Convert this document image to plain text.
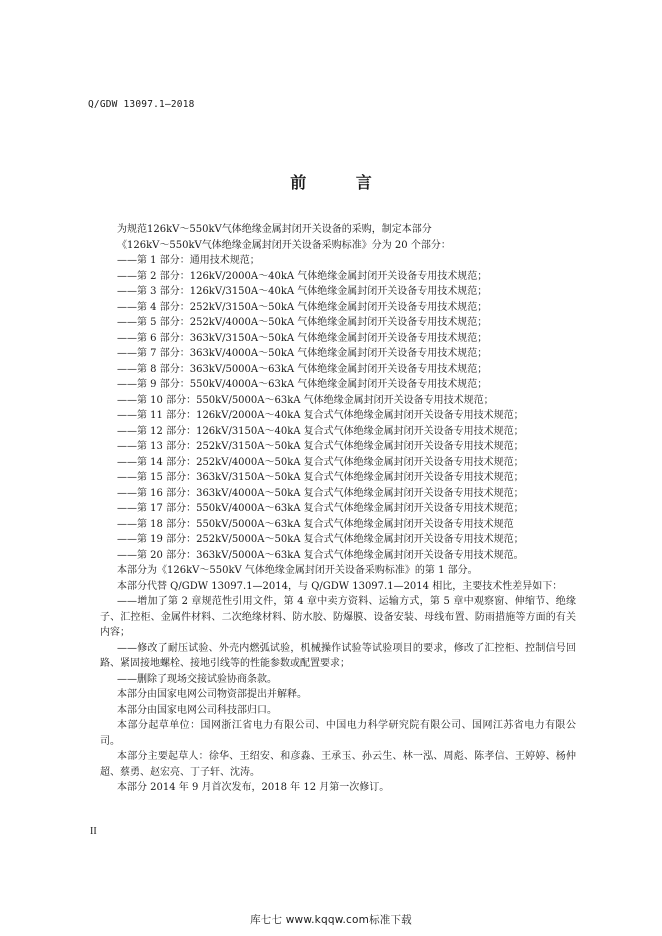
Q/GDW 13097.1—2018
前 言

为规范126kV～550kV气体绝缘金属封闭开关设备的采购，制定本部分

《126kV～550kV气体绝缘金属封闭开关设备采购标准》分为 20 个部分：

——第 1 部分：通用技术规范；

——第 2 部分：126kV/2000A～40kA 气体绝缘金属封闭开关设备专用技术规范；

——第 3 部分：126kV/3150A～40kA 气体绝缘金属封闭开关设备专用技术规范；

——第 4 部分：252kV/3150A～50kA 气体绝缘金属封闭开关设备专用技术规范；

——第 5 部分：252kV/4000A～50kA 气体绝缘金属封闭开关设备专用技术规范；

——第 6 部分：363kV/3150A～50kA 气体绝缘金属封闭开关设备专用技术规范；

——第 7 部分：363kV/4000A～50kA 气体绝缘金属封闭开关设备专用技术规范；

——第 8 部分：363kV/5000A～63kA 气体绝缘金属封闭开关设备专用技术规范；

——第 9 部分：550kV/4000A～63kA 气体绝缘金属封闭开关设备专用技术规范；

——第 10 部分：550kV/5000A～63kA 气体绝缘金属封闭开关设备专用技术规范；

——第 11 部分：126kV/2000A～40kA 复合式气体绝缘金属封闭开关设备专用技术规范；

——第 12 部分：126kV/3150A～40kA 复合式气体绝缘金属封闭开关设备专用技术规范；

——第 13 部分：252kV/3150A～50kA 复合式气体绝缘金属封闭开关设备专用技术规范；

——第 14 部分：252kV/4000A～50kA 复合式气体绝缘金属封闭开关设备专用技术规范；

——第 15 部分：363kV/3150A～50kA 复合式气体绝缘金属封闭开关设备专用技术规范；

——第 16 部分：363kV/4000A～50kA 复合式气体绝缘金属封闭开关设备专用技术规范；

——第 17 部分：550kV/4000A～63kA 复合式气体绝缘金属封闭开关设备专用技术规范；

——第 18 部分：550kV/5000A～63kA 复合式气体绝缘金属封闭开关设备专用技术规范

——第 19 部分：252kV/5000A～50kA 复合式气体绝缘金属封闭开关设备专用技术规范；

——第 20 部分：363kV/5000A～63kA 复合式气体绝缘金属封闭开关设备专用技术规范。

本部分为《126kV～550kV 气体绝缘金属封闭开关设备采购标准》的第 1 部分。

本部分代替 Q/GDW 13097.1—2014，与 Q/GDW 13097.1—2014 相比，主要技术性差异如下：

——增加了第 2 章规范性引用文件，第 4 章中卖方资料、运输方式，第 5 章中观察窗、伸缩节、绝缘子、汇控柜、金属件材料、二次绝缘材料、防水胶、防爆膜、设备安装、母线布置、防雨措施等方面的有关内容；

——修改了耐压试验、外壳内燃弧试验，机械操作试验等试验项目的要求，修改了汇控柜、控制信号回路、紧固接地螺栓、接地引线等的性能参数或配置要求；

——删除了现场交接试验协商条款。

本部分由国家电网公司物资部提出并解释。

本部分由国家电网公司科技部归口。

本部分起草单位：国网浙江省电力有限公司、中国电力科学研究院有限公司、国网江苏省电力有限公司。

本部分主要起草人：徐华、王绍安、和彦淼、王承玉、孙云生、林一泓、周彪、陈孝信、王婷婷、杨仲超、蔡勇、赵宏亮、丁子轩、沈涛。

本部分 2014 年 9 月首次发布，2018 年 12 月第一次修订。

II
库七七 www.kqqw.com标准下载
